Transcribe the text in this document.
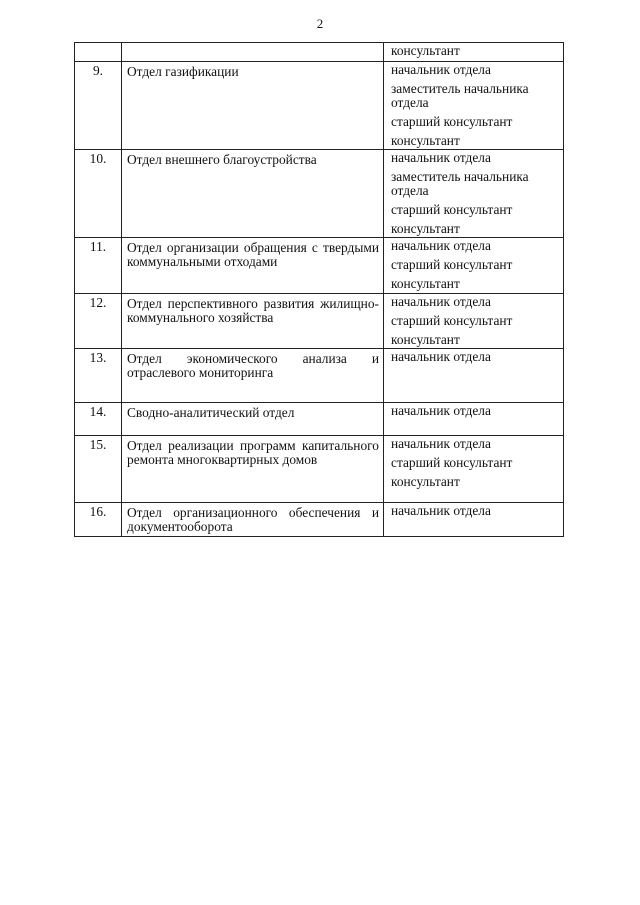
2

		консультант

9.	Отдел газификации	начальник отдела
заместитель начальника отдела
старший консультант
консультант

10.	Отдел внешнего благоустройства	начальник отдела
заместитель начальника отдела
старший консультант
консультант

11.	Отдел организации обращения с твердыми коммунальными отходами	начальник отдела
старший консультант
консультант

12.	Отдел перспективного развития жилищно-коммунального хозяйства	начальник отдела
старший консультант
консультант

13.	Отдел экономического анализа и отраслевого мониторинга	начальник отдела

14.	Сводно-аналитический отдел	начальник отдела

15.	Отдел реализации программ капитального ремонта многоквартирных домов	начальник отдела
старший консультант
консультант

16.	Отдел организационного обеспечения и документооборота	начальник отдела
